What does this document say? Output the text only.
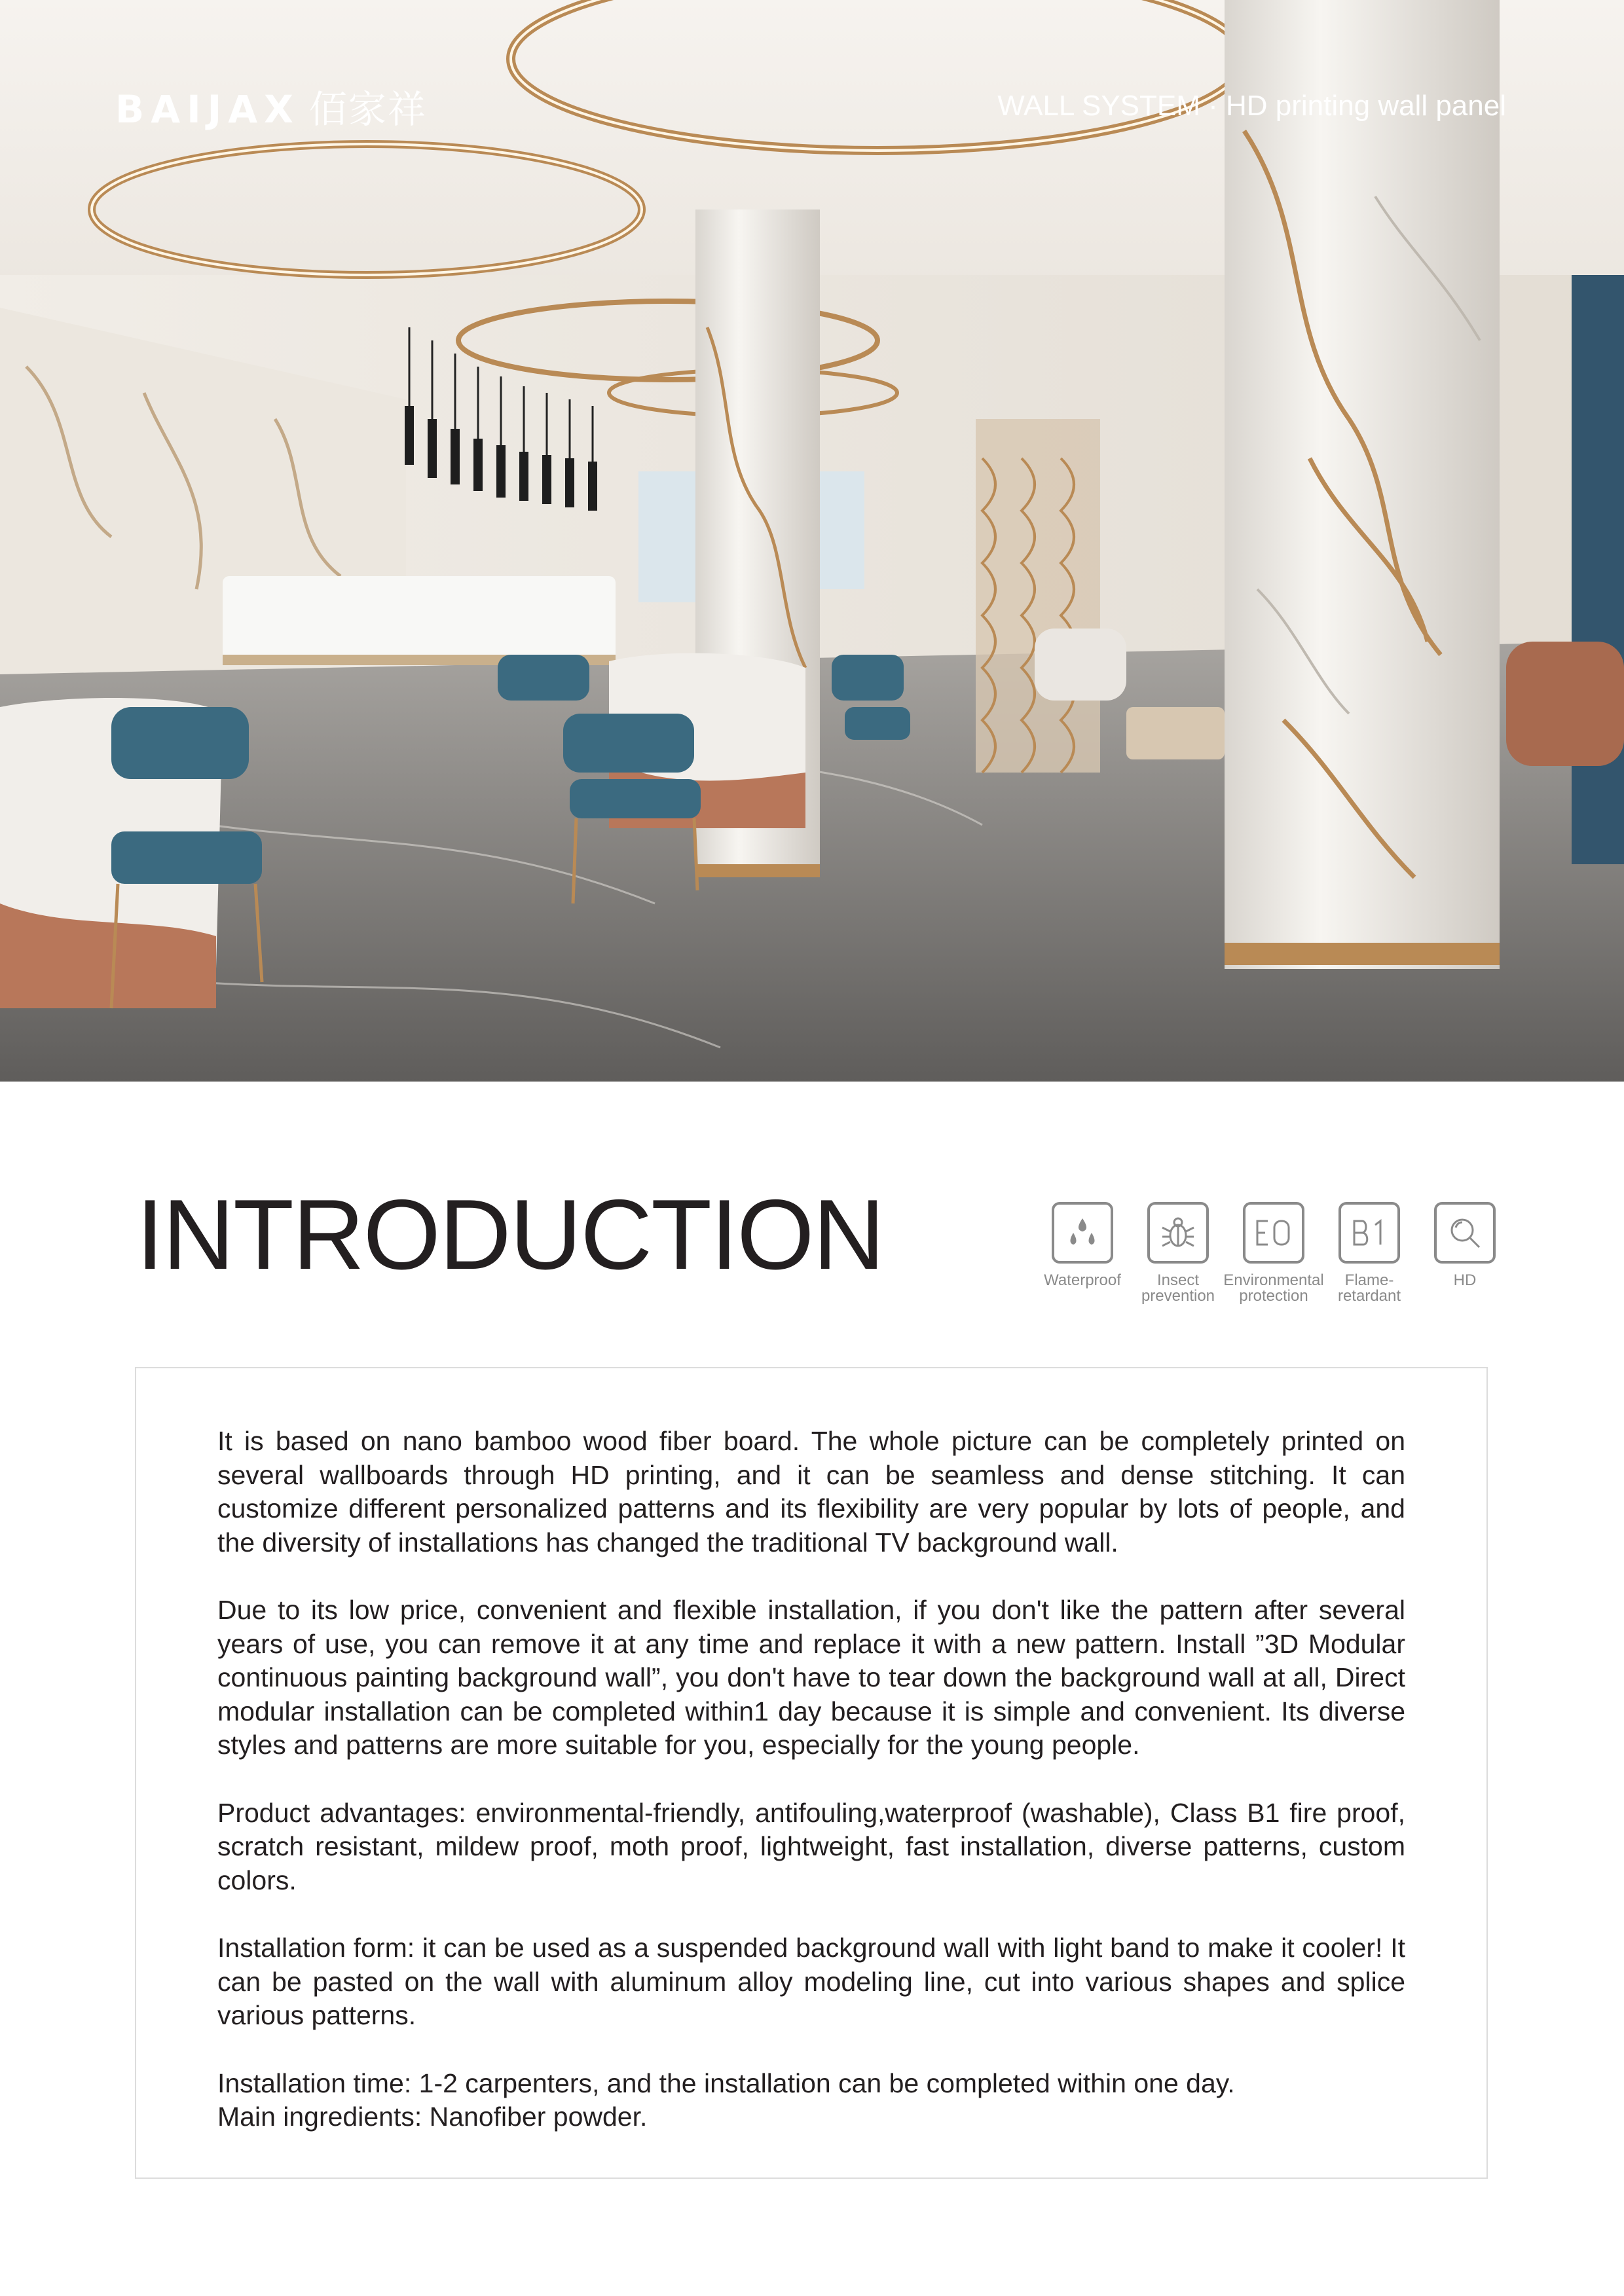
BAIJAX 佰家祥	WALL SYSTEM · HD printing wall panel
INTRODUCTION	Waterproof	Insect
prevention
Environmental
protection
Flame-
retardant
HD

It is based on nano bamboo wood fiber board. The whole picture can be completely printed on several wallboards through HD printing, and it can be seamless and dense stitching. It can customize different personalized patterns and its flexibility are very popular by lots of people, and the diversity of installations has changed the traditional TV background wall.

Due to its low price, convenient and flexible installation, if you don't like the pattern after several years of use, you can remove it at any time and replace it with a new pattern. Install ”3D Modular continuous painting background wall”, you don't have to tear down the background wall at all, Direct modular installation can be completed within1 day because it is simple and convenient. Its diverse styles and patterns are more suitable for you, especially for the young people.

Product advantages: environmental-friendly, antifouling,waterproof (washable), Class B1 fire proof, scratch resistant, mildew proof, moth proof, lightweight, fast installation, diverse patterns, custom colors.

Installation form: it can be used as a suspended background wall with light band to make it cooler! It can be pasted on the wall with aluminum alloy modeling line, cut into various shapes and splice various patterns.

Installation time: 1-2 carpenters, and the installation can be completed within one day.
Main ingredients: Nanofiber powder.
